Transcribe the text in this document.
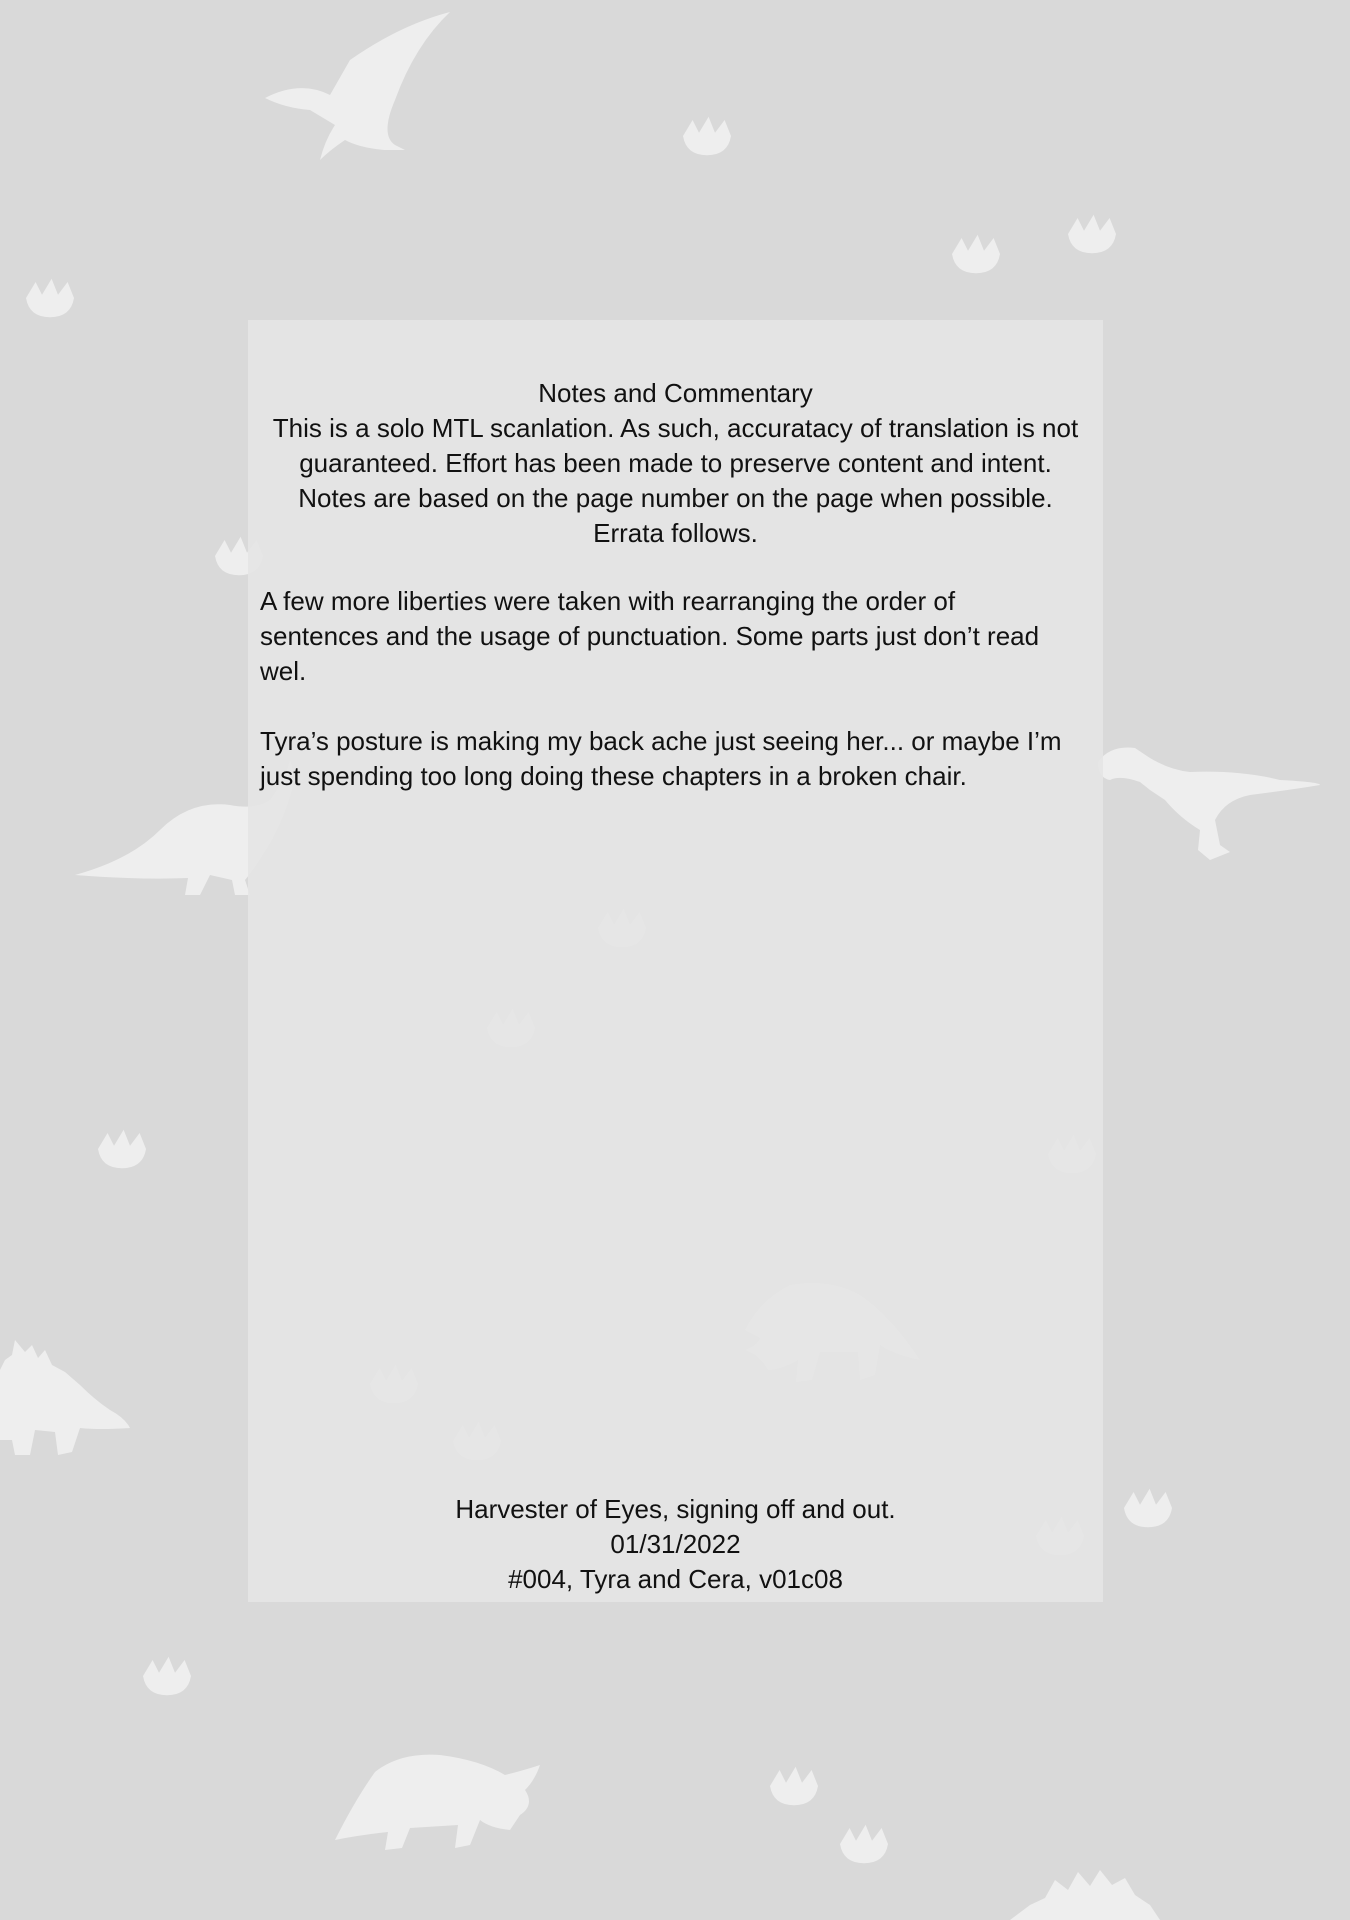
Notes and Commentary
This is a solo MTL scanlation. As such, accuratacy of translation is not
guaranteed. Effort has been made to preserve content and intent.
Notes are based on the page number on the page when possible.
Errata follows.
A few more liberties were taken with rearranging the order of
sentences and the usage of punctuation. Some parts just don’t read
wel.
Tyra’s posture is making my back ache just seeing her... or maybe I’m
just spending too long doing these chapters in a broken chair.
Harvester of Eyes, signing off and out.
01/31/2022
#004, Tyra and Cera, v01c08
